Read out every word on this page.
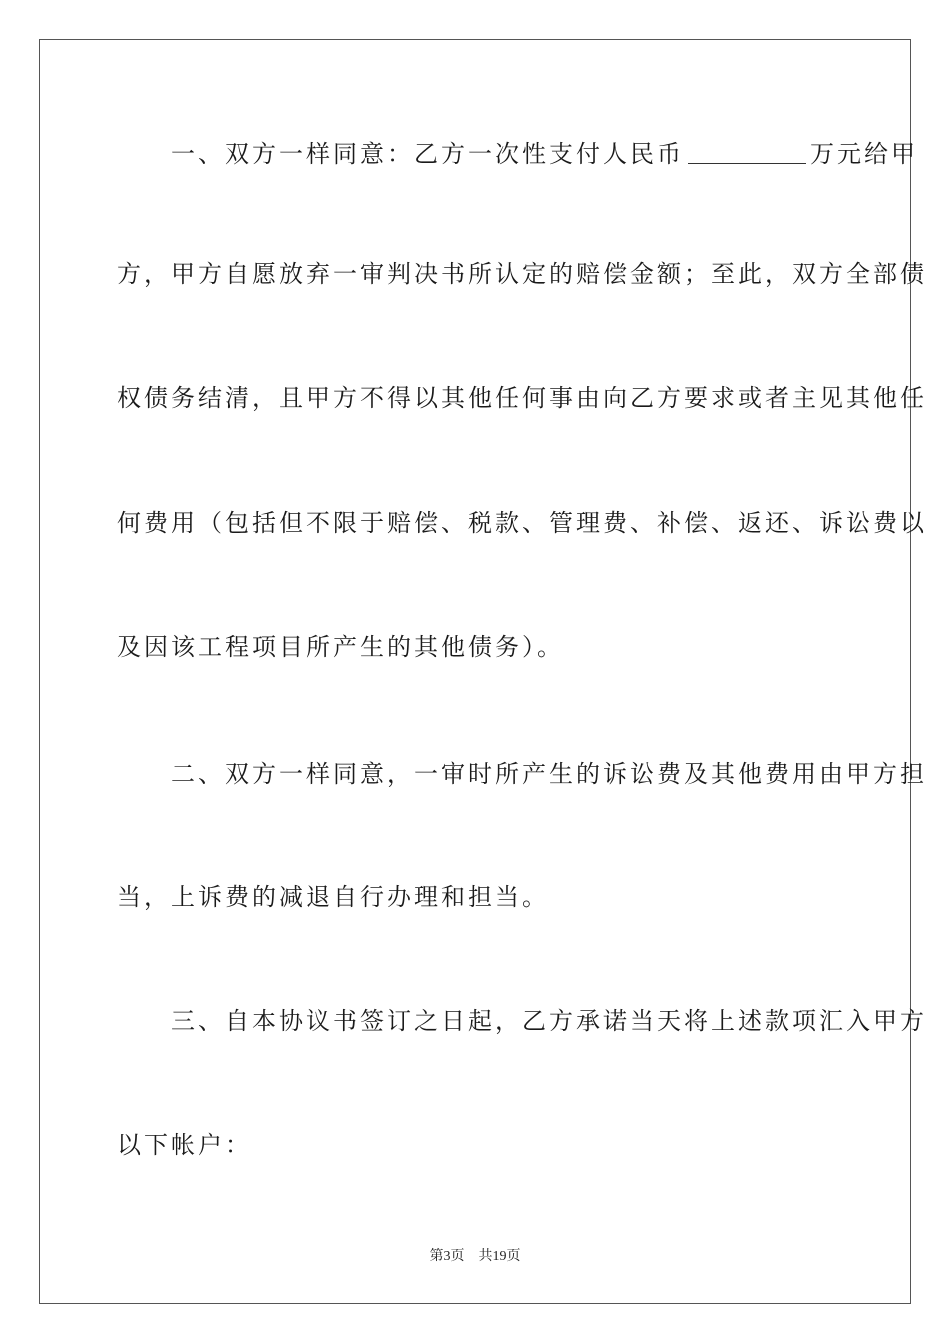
　　一、双方一样同意：乙方一次性支付人民币	万元给甲
方，甲方自愿放弃一审判决书所认定的赔偿金额；至此，双方全部债
权债务结清，且甲方不得以其他任何事由向乙方要求或者主见其他任
何费用（包括但不限于赔偿、税款、管理费、补偿、返还、诉讼费以
及因该工程项目所产生的其他债务）。
　　二、双方一样同意，一审时所产生的诉讼费及其他费用由甲方担
当，上诉费的减退自行办理和担当。
　　三、自本协议书签订之日起，乙方承诺当天将上述款项汇入甲方
以下帐户：
第3页 共19页
